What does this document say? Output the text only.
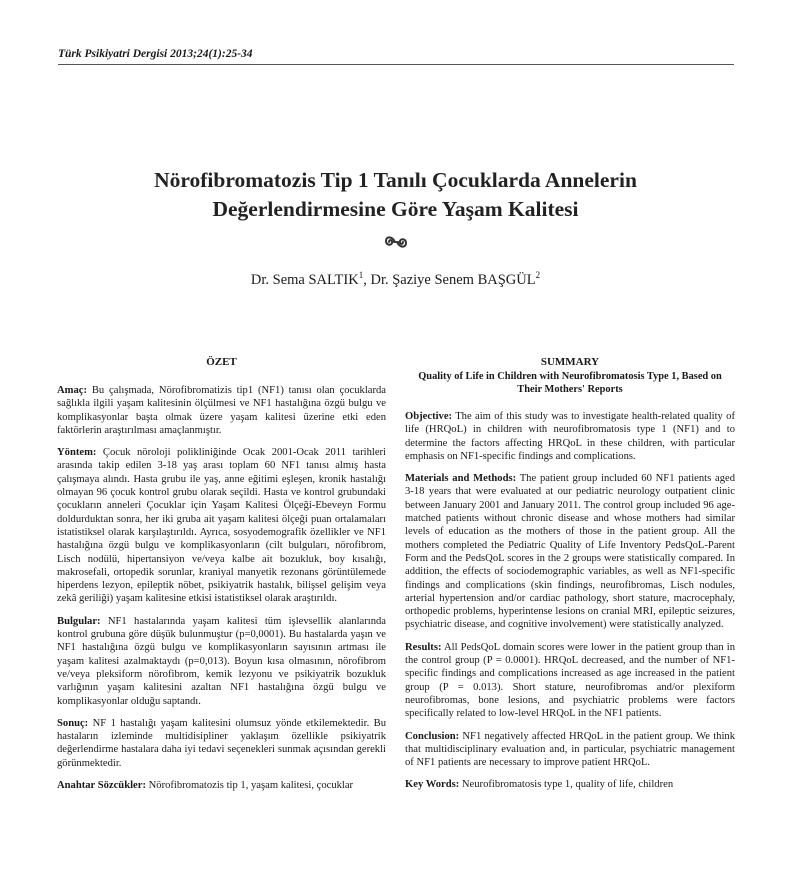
Türk Psikiyatri Dergisi 2013;24(1):25-34
Nörofibromatozis Tip 1 Tanılı Çocuklarda Annelerin
Değerlendirmesine Göre Yaşam Kalitesi
Dr. Sema SALTIK$^1$, Dr. Şaziye Senem BAŞGÜL$^2$
ÖZET

Amaç: Bu çalışmada, Nörofibromatizis tip1 (NF1) tanısı olan çocuklarda sağlıkla ilgili yaşam kalitesinin ölçülmesi ve NF1 hastalığına özgü bulgu ve komplikasyonlar başta olmak üzere yaşam kalitesi üzerine etki eden faktörlerin araştırılması amaçlanmıştır.

Yöntem: Çocuk nöroloji polikliniğinde Ocak 2001-Ocak 2011 tarihleri arasında takip edilen 3-18 yaş arası toplam 60 NF1 tanısı almış hasta çalışmaya alındı. Hasta grubu ile yaş, anne eğitimi eşleşen, kronik hastalığı olmayan 96 çocuk kontrol grubu olarak seçildi. Hasta ve kontrol grubundaki çocukların anneleri Çocuklar için Yaşam Kalitesi Ölçeği-Ebeveyn Formu doldurduktan sonra, her iki gruba ait yaşam kalitesi ölçeği puan ortalamaları istatistiksel olarak karşılaştırıldı. Ayrıca, sosyodemografik özellikler ve NF1 hastalığına özgü bulgu ve komplikasyonların (cilt bulguları, nörofibrom, Lisch nodülü, hipertansiyon ve/veya kalbe ait bozukluk, boy kısalığı, makrosefali, ortopedik sorunlar, kraniyal manyetik rezonans görüntülemede hiperdens lezyon, epileptik nöbet, psikiyatrik hastalık, bilişsel gelişim veya zekâ geriliği) yaşam kalitesine etkisi istatistiksel olarak araştırıldı.

Bulgular: NF1 hastalarında yaşam kalitesi tüm işlevsellik alanlarında kontrol grubuna göre düşük bulunmuştur (p=0,0001). Bu hastalarda yaşın ve NF1 hastalığına özgü bulgu ve komplikasyonların sayısının artması ile yaşam kalitesi azalmaktaydı (p=0,013). Boyun kısa olmasının, nörofibrom ve/veya pleksiform nörofibrom, kemik lezyonu ve psikiyatrik bozukluk varlığının yaşam kalitesini azaltan NF1 hastalığına özgü bulgu ve komplikasyonlar olduğu saptandı.

Sonuç: NF 1 hastalığı yaşam kalitesini olumsuz yönde etkilemektedir. Bu hastaların izleminde multidisipliner yaklaşım özellikle psikiyatrik değerlendirme hastalara daha iyi tedavi seçenekleri sunmak açısından gerekli görünmektedir.

Anahtar Sözcükler: Nörofibromatozis tip 1, yaşam kalitesi, çocuklar

SUMMARY
Quality of Life in Children with Neurofibromatosis Type 1, Based on Their Mothers' Reports

Objective: The aim of this study was to investigate health-related quality of life (HRQoL) in children with neurofibromatosis type 1 (NF1) and to determine the factors affecting HRQoL in these children, with particular emphasis on NF1-specific findings and complications.

Materials and Methods: The patient group included 60 NF1 patients aged 3-18 years that were evaluated at our pediatric neurology outpatient clinic between January 2001 and January 2011. The control group included 96 age-matched patients without chronic disease and whose mothers had similar levels of education as the mothers of those in the patient group. All the mothers completed the Pediatric Quality of Life Inventory PedsQoL-Parent Form and the PedsQoL scores in the 2 groups were statistically compared. In addition, the effects of sociodemographic variables, as well as NF1-specific findings and complications (skin findings, neurofibromas, Lisch nodules, arterial hypertension and/or cardiac pathology, short stature, macrocephaly, orthopedic problems, hyperintense lesions on cranial MRI, epileptic seizures, psychiatric disease, and cognitive involvement) were statistically analyzed.

Results: All PedsQoL domain scores were lower in the patient group than in the control group (P = 0.0001). HRQoL decreased, and the number of NF1-specific findings and complications increased as age increased in the patient group (P = 0.013). Short stature, neurofibromas and/or plexiform neurofibromas, bone lesions, and psychiatric problems were factors specifically related to low-level HRQoL in the NF1 patients.

Conclusion: NF1 negatively affected HRQoL in the patient group. We think that multidisciplinary evaluation and, in particular, psychiatric management of NF1 patients are necessary to improve patient HRQoL.

Key Words: Neurofibromatosis type 1, quality of life, children
